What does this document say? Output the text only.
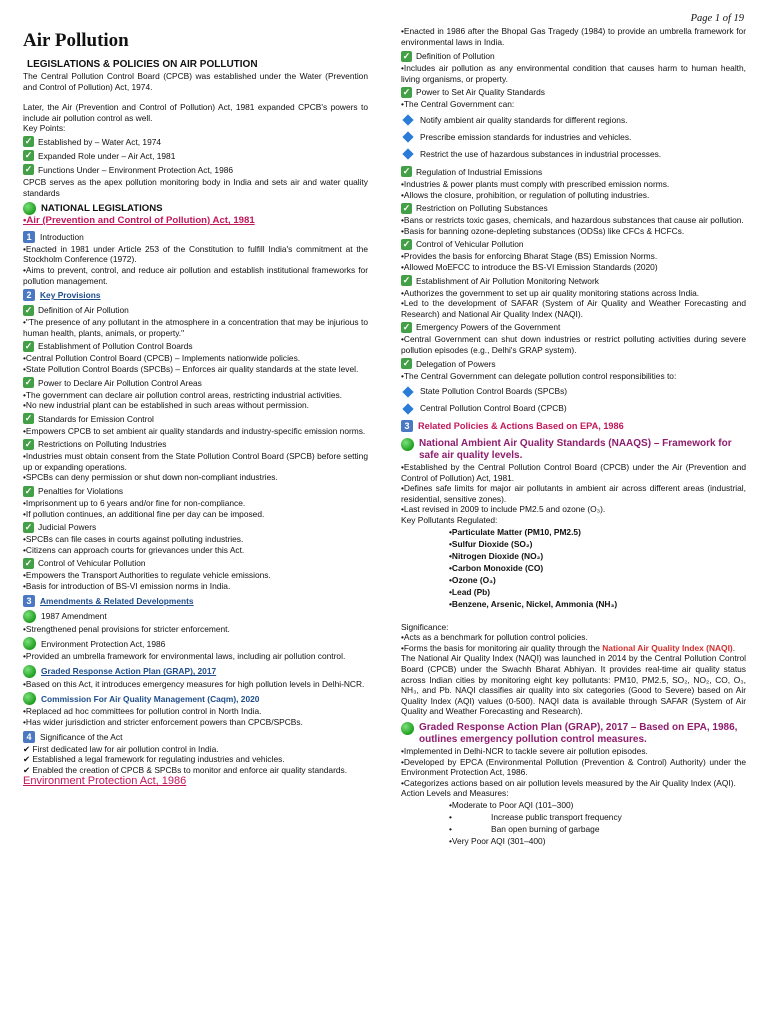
Page 1 of 19
Air Pollution
LEGISLATIONS & POLICIES ON AIR POLLUTION
The Central Pollution Control Board (CPCB) was established under the Water (Prevention and Control of Pollution) Act, 1974.
Later, the Air (Prevention and Control of Pollution) Act, 1981 expanded CPCB's powers to include air pollution control as well.
Key Points:
✓ Established by – Water Act, 1974
✓ Expanded Role under – Air Act, 1981
✓ Functions Under – Environment Protection Act, 1986
CPCB serves as the apex pollution monitoring body in India and sets air and water quality standards
NATIONAL LEGISLATIONS
•Air (Prevention and Control of Pollution) Act, 1981
1	Introduction
•Enacted in 1981 under Article 253 of the Constitution to fulfill India's commitment at the Stockholm Conference (1972).
•Aims to prevent, control, and reduce air pollution and establish institutional frameworks for pollution management.
2	Key Provisions
✓ Definition of Air Pollution
•"The presence of any pollutant in the atmosphere in a concentration that may be injurious to human health, plants, animals, or property."
✓ Establishment of Pollution Control Boards
•Central Pollution Control Board (CPCB) – Implements nationwide policies.
•State Pollution Control Boards (SPCBs) – Enforces air quality standards at the state level.
✓ Power to Declare Air Pollution Control Areas
•The government can declare air pollution control areas, restricting industrial activities.
•No new industrial plant can be established in such areas without permission.
✓ Standards for Emission Control
•Empowers CPCB to set ambient air quality standards and industry-specific emission norms.
✓ Restrictions on Polluting Industries
•Industries must obtain consent from the State Pollution Control Board (SPCB) before setting up or expanding operations.
•SPCBs can deny permission or shut down non-compliant industries.
✓ Penalties for Violations
•Imprisonment up to 6 years and/or fine for non-compliance.
•If pollution continues, an additional fine per day can be imposed.
✓ Judicial Powers
•SPCBs can file cases in courts against polluting industries.
•Citizens can approach courts for grievances under this Act.
✓ Control of Vehicular Pollution
•Empowers the Transport Authorities to regulate vehicle emissions.
•Basis for introduction of BS-VI emission norms in India.
3	Amendments & Related Developments
1987 Amendment
•Strengthened penal provisions for stricter enforcement.
Environment Protection Act, 1986
•Provided an umbrella framework for environmental laws, including air pollution control.
Graded Response Action Plan (GRAP), 2017
•Based on this Act, it introduces emergency measures for high pollution levels in Delhi-NCR.
Commission For Air Quality Management (Caqm), 2020
•Replaced ad hoc committees for pollution control in North India.
•Has wider jurisdiction and stricter enforcement powers than CPCB/SPCBs.
4	Significance of the Act
✔ First dedicated law for air pollution control in India.
✔ Established a legal framework for regulating industries and vehicles.
✔ Enabled the creation of CPCB & SPCBs to monitor and enforce air quality standards.
Environment Protection Act, 1986
•Enacted in 1986 after the Bhopal Gas Tragedy (1984) to provide an umbrella framework for environmental laws in India.
✓ Definition of Pollution
•Includes air pollution as any environmental condition that causes harm to human health, living organisms, or property.
✓ Power to Set Air Quality Standards
•The Central Government can:
Notify ambient air quality standards for different regions.
Prescribe emission standards for industries and vehicles.
Restrict the use of hazardous substances in industrial processes.
✓ Regulation of Industrial Emissions
•Industries & power plants must comply with prescribed emission norms.
•Allows the closure, prohibition, or regulation of polluting industries.
✓ Restriction on Polluting Substances
•Bans or restricts toxic gases, chemicals, and hazardous substances that cause air pollution.
•Basis for banning ozone-depleting substances (ODSs) like CFCs & HCFCs.
✓ Control of Vehicular Pollution
•Provides the basis for enforcing Bharat Stage (BS) Emission Norms.
•Allowed MoEFCC to introduce the BS-VI Emission Standards (2020)
✓ Establishment of Air Pollution Monitoring Network
•Authorizes the government to set up air quality monitoring stations across India.
•Led to the development of SAFAR (System of Air Quality and Weather Forecasting and Research) and National Air Quality Index (NAQI).
✓ Emergency Powers of the Government
•Central Government can shut down industries or restrict polluting activities during severe pollution episodes (e.g., Delhi's GRAP system).
✓ Delegation of Powers
•The Central Government can delegate pollution control responsibilities to:
State Pollution Control Boards (SPCBs)
Central Pollution Control Board (CPCB)
3 Related Policies & Actions Based on EPA, 1986
National Ambient Air Quality Standards (NAAQS) – Framework for safe air quality levels.
•Established by the Central Pollution Control Board (CPCB) under the Air (Prevention and Control of Pollution) Act, 1981.
•Defines safe limits for major air pollutants in ambient air across different areas (industrial, residential, sensitive zones).
•Last revised in 2009 to include PM2.5 and ozone (O₃).
Key Pollutants Regulated:
•Particulate Matter (PM10, PM2.5)
•Sulfur Dioxide (SO₂)
•Nitrogen Dioxide (NO₂)
•Carbon Monoxide (CO)
•Ozone (O₃)
•Lead (Pb)
•Benzene, Arsenic, Nickel, Ammonia (NH₃)
Significance:
•Acts as a benchmark for pollution control policies.
•Forms the basis for monitoring air quality through the National Air Quality Index (NAQI).
The National Air Quality Index (NAQI) was launched in 2014 by the Central Pollution Control Board (CPCB) under the Swachh Bharat Abhiyan. It provides real-time air quality status across Indian cities by monitoring eight key pollutants: PM10, PM2.5, SO₂, NO₂, CO, O₃, NH₃, and Pb. NAQI classifies air quality into six categories (Good to Severe) based on Air Quality Index (AQI) values (0-500). NAQI data is available through SAFAR (System of Air Quality and Weather Forecasting and Research).
Graded Response Action Plan (GRAP), 2017 – Based on EPA, 1986, outlines emergency pollution control measures.
•Implemented in Delhi-NCR to tackle severe air pollution episodes.
•Developed by EPCA (Environmental Pollution (Prevention & Control) Authority) under the Environment Protection Act, 1986.
•Categorizes actions based on air pollution levels measured by the Air Quality Index (AQI).
Action Levels and Measures:
•Moderate to Poor AQI (101–300)
•	Increase public transport frequency
•	Ban open burning of garbage
•Very Poor AQI (301–400)
